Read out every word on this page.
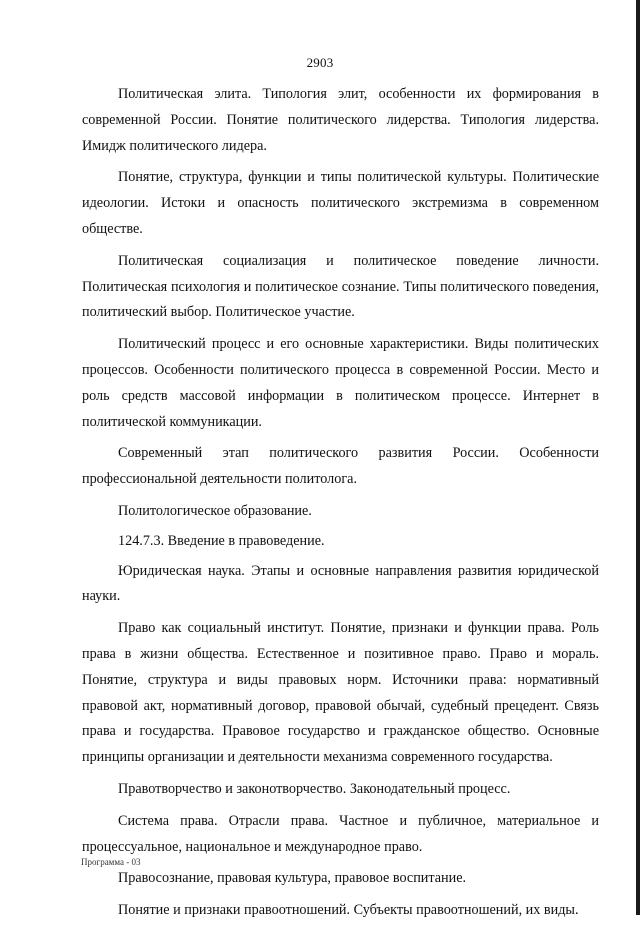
2903

Политическая элита. Типология элит, особенности их формирования в современной России. Понятие политического лидерства. Типология лидерства. Имидж политического лидера.

Понятие, структура, функции и типы политической культуры. Политические идеологии. Истоки и опасность политического экстремизма в современном обществе.

Политическая социализация и политическое поведение личности. Политическая психология и политическое сознание. Типы политического поведения, политический выбор. Политическое участие.

Политический процесс и его основные характеристики. Виды политических процессов. Особенности политического процесса в современной России. Место и роль средств массовой информации в политическом процессе. Интернет в политической коммуникации.

Современный этап политического развития России. Особенности профессиональной деятельности политолога.

Политологическое образование.

124.7.3. Введение в правоведение.

Юридическая наука. Этапы и основные направления развития юридической науки.

Право как социальный институт. Понятие, признаки и функции права. Роль права в жизни общества. Естественное и позитивное право. Право и мораль. Понятие, структура и виды правовых норм. Источники права: нормативный правовой акт, нормативный договор, правовой обычай, судебный прецедент. Связь права и государства. Правовое государство и гражданское общество. Основные принципы организации и деятельности механизма современного государства.

Правотворчество и законотворчество. Законодательный процесс.

Система права. Отрасли права. Частное и публичное, материальное и процессуальное, национальное и международное право.

Правосознание, правовая культура, правовое воспитание.

Понятие и признаки правоотношений. Субъекты правоотношений, их виды.

Программа - 03
